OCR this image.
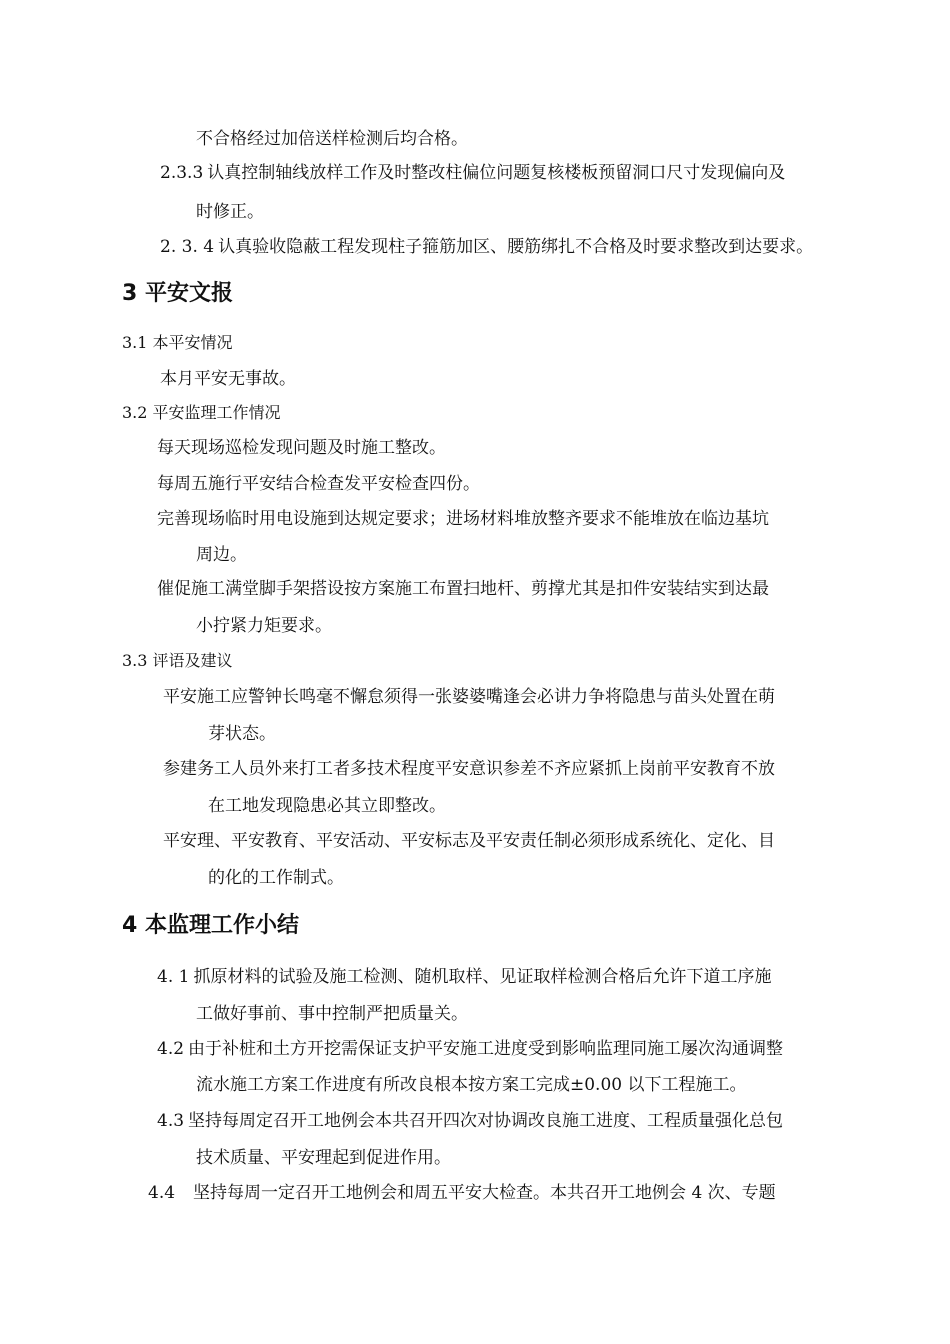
不合格经过加倍送样检测后均合格。
2.3.3 认真控制轴线放样工作及时整改柱偏位问题复核楼板预留洞口尺寸发现偏向及
时修正。
2. 3. 4 认真验收隐蔽工程发现柱子箍筋加区、腰筋绑扎不合格及时要求整改到达要求。
3 平安文报
3.1 本平安情况
本月平安无事故。
3.2 平安监理工作情况
每天现场巡检发现问题及时施工整改。
每周五施行平安结合检查发平安检查四份。
完善现场临时用电设施到达规定要求；进场材料堆放整齐要求不能堆放在临边基坑
周边。
催促施工满堂脚手架搭设按方案施工布置扫地杆、剪撑尤其是扣件安装结实到达最
小拧紧力矩要求。
3.3 评语及建议
平安施工应警钟长鸣毫不懈怠须得一张婆婆嘴逢会必讲力争将隐患与苗头处置在萌
芽状态。
参建务工人员外来打工者多技术程度平安意识参差不齐应紧抓上岗前平安教育不放
在工地发现隐患必其立即整改。
平安理、平安教育、平安活动、平安标志及平安责任制必须形成系统化、定化、目
的化的工作制式。
4 本监理工作小结
4. 1 抓原材料的试验及施工检测、随机取样、见证取样检测合格后允许下道工序施
工做好事前、事中控制严把质量关。
4.2 由于补桩和土方开挖需保证支护平安施工进度受到影响监理同施工屡次沟通调整
流水施工方案工作进度有所改良根本按方案工完成±0.00 以下工程施工。
4.3 坚持每周定召开工地例会本共召开四次对协调改良施工进度、工程质量强化总包
技术质量、平安理起到促进作用。
4.4 坚持每周一定召开工地例会和周五平安大检查。本共召开工地例会 4 次、专题
